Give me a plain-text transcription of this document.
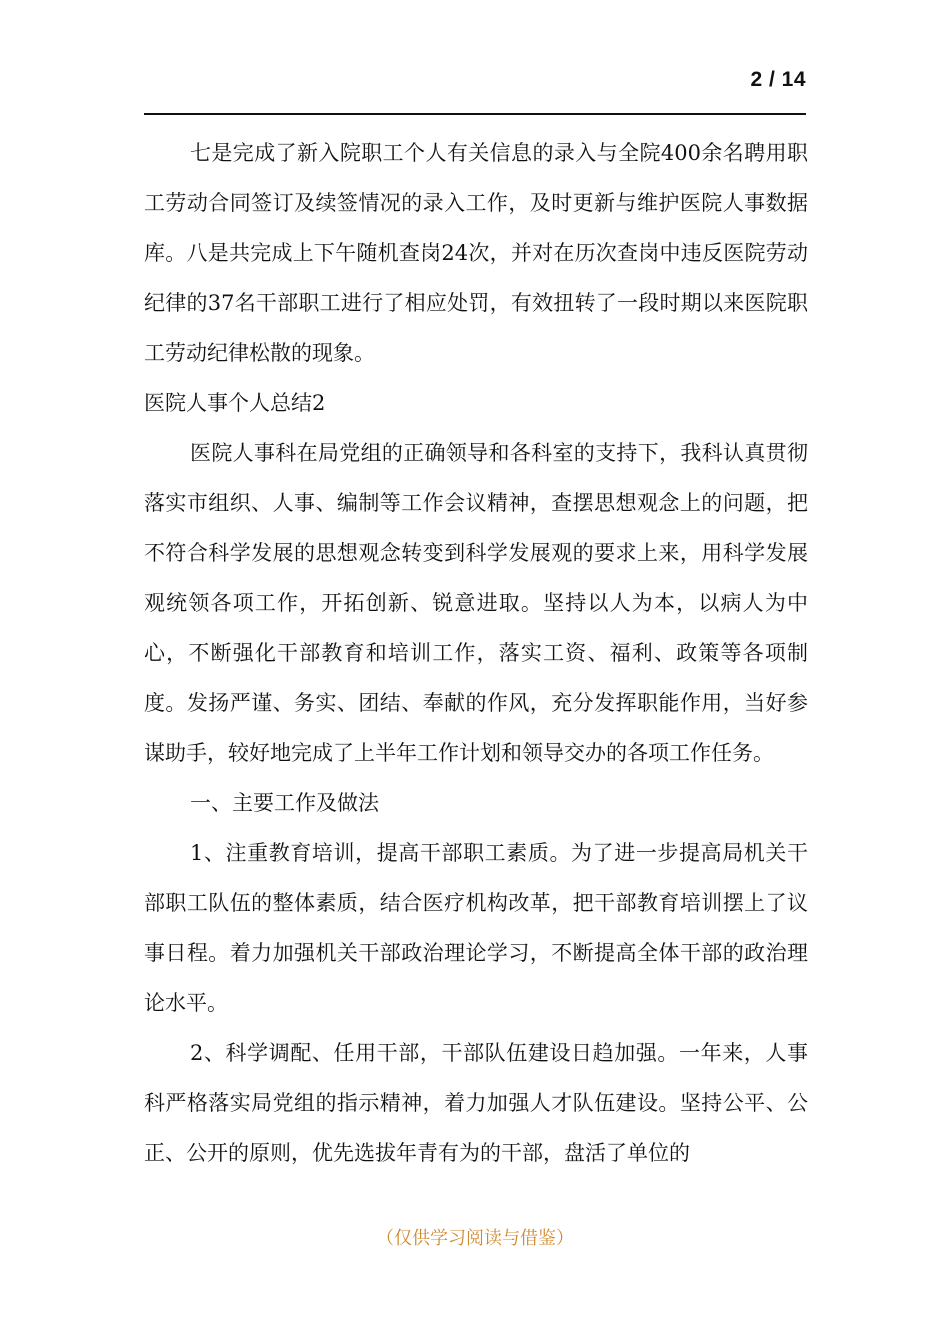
2 / 14

七是完成了新入院职工个人有关信息的录入与全院400余名聘用职工劳动合同签订及续签情况的录入工作，及时更新与维护医院人事数据库。八是共完成上下午随机查岗24次，并对在历次查岗中违反医院劳动纪律的37名干部职工进行了相应处罚，有效扭转了一段时期以来医院职工劳动纪律松散的现象。

医院人事个人总结2

医院人事科在局党组的正确领导和各科室的支持下，我科认真贯彻落实市组织、人事、编制等工作会议精神，查摆思想观念上的问题，把不符合科学发展的思想观念转变到科学发展观的要求上来，用科学发展观统领各项工作，开拓创新、锐意进取。坚持以人为本，以病人为中心，不断强化干部教育和培训工作，落实工资、福利、政策等各项制度。发扬严谨、务实、团结、奉献的作风，充分发挥职能作用，当好参谋助手，较好地完成了上半年工作计划和领导交办的各项工作任务。

一、主要工作及做法

1、注重教育培训，提高干部职工素质。为了进一步提高局机关干部职工队伍的整体素质，结合医疗机构改革，把干部教育培训摆上了议事日程。着力加强机关干部政治理论学习，不断提高全体干部的政治理论水平。

2、科学调配、任用干部，干部队伍建设日趋加强。一年来，人事科严格落实局党组的指示精神，着力加强人才队伍建设。坚持公平、公正、公开的原则，优先选拔年青有为的干部，盘活了单位的

（仅供学习阅读与借鉴）
